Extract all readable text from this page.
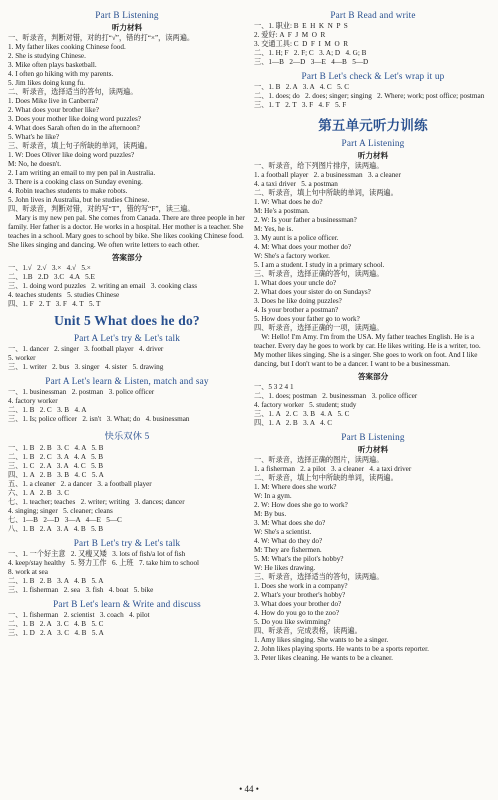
Part B Listening
听力材料
一、听录音，判断对错，对的打“√”，错的打“×”，读两遍。
1. My father likes cooking Chinese food.
2. She is studying Chinese.
3. Mike often plays basketball.
4. I often go hiking with my parents.
5. Jim likes doing kung fu.
二、听录音，选择适当的答句，读两遍。
1. Does Mike live in Canberra?
2. What does your brother like?
3. Does your mother like doing word puzzles?
4. What does Sarah often do in the afternoon?
5. What's he like?
三、听录音，填上句子所缺的单词，读两遍。
1. W: Does Oliver like doing word puzzles?
M: No, he doesn't.
2. I am writing an email to my pen pal in Australia.
3. There is a cooking class on Sunday evening.
4. Robin teaches students to make robots.
5. John lives in Australia, but he studies Chinese.
四、听录音，判断对错，对的写“T”，错的写“F”，读三遍。
Mary is my new pen pal. She comes from Canada. There are three people in her family. Her father is a doctor. He works in a hospital. Her mother is a teacher. She teaches in a school. Mary goes to school by bike. She likes cooking Chinese food. She likes singing and dancing. We often write letters to each other.
答案部分
一、1.√   2.√   3.×   4.√   5.×
二、1.B   2.D   3.C   4.A   5.E
三、1. doing word puzzles   2. writing an email   3. cooking class
4. teaches students   5. studies Chinese
四、1. F   2. T   3. F   4. T   5. T
Unit 5 What does he do?
Part A Let's try & Let's talk
一、1. dancer   2. singer   3. football player   4. driver
5. worker
三、1. writer   2. bus   3. singer   4. sister   5. drawing
Part A Let's learn & Listen, match and say
一、1. businessman   2. postman   3. police officer
4. factory worker
二、1. B   2. C   3. B   4. A
三、1. Is; police officer   2. isn't   3. What; do   4. businessman
快乐双休 5
一、1. B   2. B   3. C   4. A   5. B
二、1. B   2. C   3. A   4. A   5. B
三、1. C   2. A   3. A   4. C   5. B
四、1. A   2. B   3. B   4. C   5. A
五、1. a cleaner   2. a dancer   3. a football player
六、1. A   2. B   3. C
七、1. teacher; teaches   2. writer; writing   3. dances; dancer
4. singing; singer   5. cleaner; cleans
七、1—B   2—D   3—A   4—E   5—C
八、1. B   2. A   3. A   4. B   5. B
Part B Let's try & Let's talk
一、1. 一个好主意   2. 又瘦又矮   3. lots of fish/a lot of fish
4. keep/stay healthy   5. 努力工作   6. 上班   7. take him to school
8. work at sea
二、1. B   2. B   3. A   4. B   5. A
三、1. fisherman   2. sea   3. fish   4. boat   5. bike
Part B Let's learn & Write and discuss
一、1. fisherman   2. scientist   3. coach   4. pilot
二、1. B   2. A   3. C   4. B   5. C
三、1. D   2. A   3. C   4. B   5. A
Part B Read and write
一、1. 职业: B  E  H  K  N  P  S
2. 爱好: A  F  J  M  O  R
3. 交通工具: C  D  F  I  M  O  R
二、1. H; F   2. F; C   3. A; D   4. G; B
三、1—B   2—D   3—E   4—B   5—D
Part B Let's check & Let's wrap it up
一、1. B   2. A   3. A   4. C   5. C
二、1. does; do   2. does; singer; singing   2. Where; work; post office; postman
三、1. T   2. T   3. F   4. F   5. F
第五单元听力训练
Part A Listening
听力材料
一、听录音，给下列图片排序，读两遍。
1. a football player   2. a businessman   3. a cleaner
4. a taxi driver   5. a postman
二、听录音，填上句中所缺的单词，读两遍。
1. W: What does he do?
M: He's a postman.
2. W: Is your father a businessman?
M: Yes, he is.
3. My aunt is a police officer.
4. M: What does your mother do?
W: She's a factory worker.
5. I am a student. I study in a primary school.
三、听录音，选择正确的答句，读两遍。
1. What does your uncle do?
2. What does your sister do on Sundays?
3. Does he like doing puzzles?
4. Is your brother a postman?
5. How does your father go to work?
四、听录音，选择正确的一项，读两遍。
W: Hello! I'm Amy. I'm from the USA. My father teaches English. He is a teacher. Every day he goes to work by car. He likes writing. He is a writer, too. My mother likes singing. She is a singer. She goes to work on foot. And I like dancing, but I don't want to be a dancer. I want to be a businessman.
答案部分
一、5 3 2 4 1
二、1. does; postman   2. businessman   3. police officer
4. factory worker   5. student; study
三、1. A   2. C   3. B   4. A   5. C
四、1. A   2. B   3. A   4. C
Part B Listening
听力材料
一、听录音，选择正确的图片，读两遍。
1. a fisherman   2. a pilot   3. a cleaner   4. a taxi driver
二、听录音，填上句中所缺的单词，读两遍。
1. M: Where does she work?
W: In a gym.
2. W: How does she go to work?
M: By bus.
3. M: What does she do?
W: She's a scientist.
4. W: What do they do?
M: They are fishermen.
5. M: What's the pilot's hobby?
W: He likes drawing.
三、听录音，选择适当的答句，读两遍。
1. Does she work in a company?
2. What's your brother's hobby?
3. What does your brother do?
4. How do you go to the zoo?
5. Do you like swimming?
四、听录音，完成表格，读两遍。
1. Amy likes singing. She wants to be a singer.
2. John likes playing sports. He wants to be a sports reporter.
3. Peter likes cleaning. He wants to be a cleaner.
• 44 •
